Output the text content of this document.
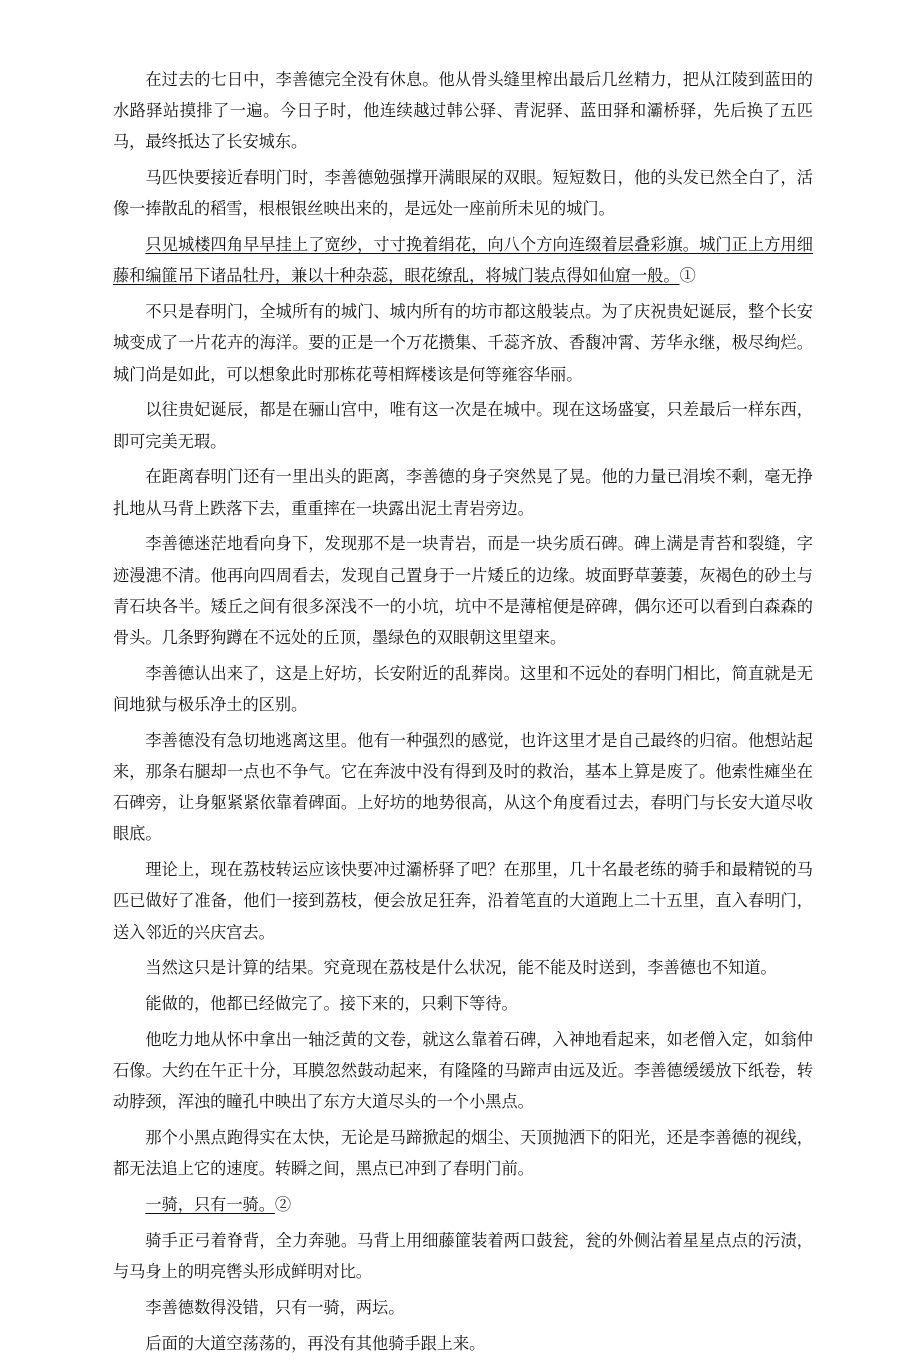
在过去的七日中，李善德完全没有休息。他从骨头缝里榨出最后几丝精力，把从江陵到蓝田的水路驿站摸排了一遍。今日子时，他连续越过韩公驿、青泥驿、蓝田驿和灞桥驿，先后换了五匹马，最终抵达了长安城东。

马匹快要接近春明门时，李善德勉强撑开满眼屎的双眼。短短数日，他的头发已然全白了，活像一捧散乱的稻雪，根根银丝映出来的，是远处一座前所未见的城门。

只见城楼四角早早挂上了宽纱，寸寸挽着绢花，向八个方向连缀着层叠彩旗。城门正上方用细藤和编篚吊下诸品牡丹，兼以十种杂蕊，眼花缭乱，将城门装点得如仙窟一般。①

不只是春明门，全城所有的城门、城内所有的坊市都这般装点。为了庆祝贵妃诞辰，整个长安城变成了一片花卉的海洋。要的正是一个万花攒集、千蕊齐放、香馥冲霄、芳华永继，极尽绚烂。城门尚是如此，可以想象此时那栋花萼相辉楼该是何等雍容华丽。

以往贵妃诞辰，都是在骊山宫中，唯有这一次是在城中。现在这场盛宴，只差最后一样东西，即可完美无瑕。

在距离春明门还有一里出头的距离，李善德的身子突然晃了晃。他的力量已涓埃不剩，毫无挣扎地从马背上跌落下去，重重摔在一块露出泥土青岩旁边。

李善德迷茫地看向身下，发现那不是一块青岩，而是一块劣质石碑。碑上满是青苔和裂缝，字迹漫漶不清。他再向四周看去，发现自己置身于一片矮丘的边缘。坡面野草萋萋，灰褐色的砂土与青石块各半。矮丘之间有很多深浅不一的小坑，坑中不是薄棺便是碎碑，偶尔还可以看到白森森的骨头。几条野狗蹲在不远处的丘顶，墨绿色的双眼朝这里望来。

李善德认出来了，这是上好坊，长安附近的乱葬岗。这里和不远处的春明门相比，简直就是无间地狱与极乐净土的区别。

李善德没有急切地逃离这里。他有一种强烈的感觉，也许这里才是自己最终的归宿。他想站起来，那条右腿却一点也不争气。它在奔波中没有得到及时的救治，基本上算是废了。他索性瘫坐在石碑旁，让身躯紧紧依靠着碑面。上好坊的地势很高，从这个角度看过去，春明门与长安大道尽收眼底。

理论上，现在荔枝转运应该快要冲过灞桥驿了吧？在那里，几十名最老练的骑手和最精锐的马匹已做好了准备，他们一接到荔枝，便会放足狂奔，沿着笔直的大道跑上二十五里，直入春明门，送入邻近的兴庆宫去。

当然这只是计算的结果。究竟现在荔枝是什么状况，能不能及时送到，李善德也不知道。

能做的，他都已经做完了。接下来的，只剩下等待。

他吃力地从怀中拿出一轴泛黄的文卷，就这么靠着石碑，入神地看起来，如老僧入定，如翁仲石像。大约在午正十分，耳膜忽然鼓动起来，有隆隆的马蹄声由远及近。李善德缓缓放下纸卷，转动脖颈，浑浊的瞳孔中映出了东方大道尽头的一个小黑点。

那个小黑点跑得实在太快，无论是马蹄掀起的烟尘、天顶抛洒下的阳光，还是李善德的视线，都无法追上它的速度。转瞬之间，黑点已冲到了春明门前。

一骑，只有一骑。②

骑手正弓着脊背，全力奔驰。马背上用细藤篚装着两口鼓瓮，瓮的外侧沾着星星点点的污渍，与马身上的明亮辔头形成鲜明对比。

李善德数得没错，只有一骑，两坛。

后面的大道空荡荡的，再没有其他骑手跟上来。
